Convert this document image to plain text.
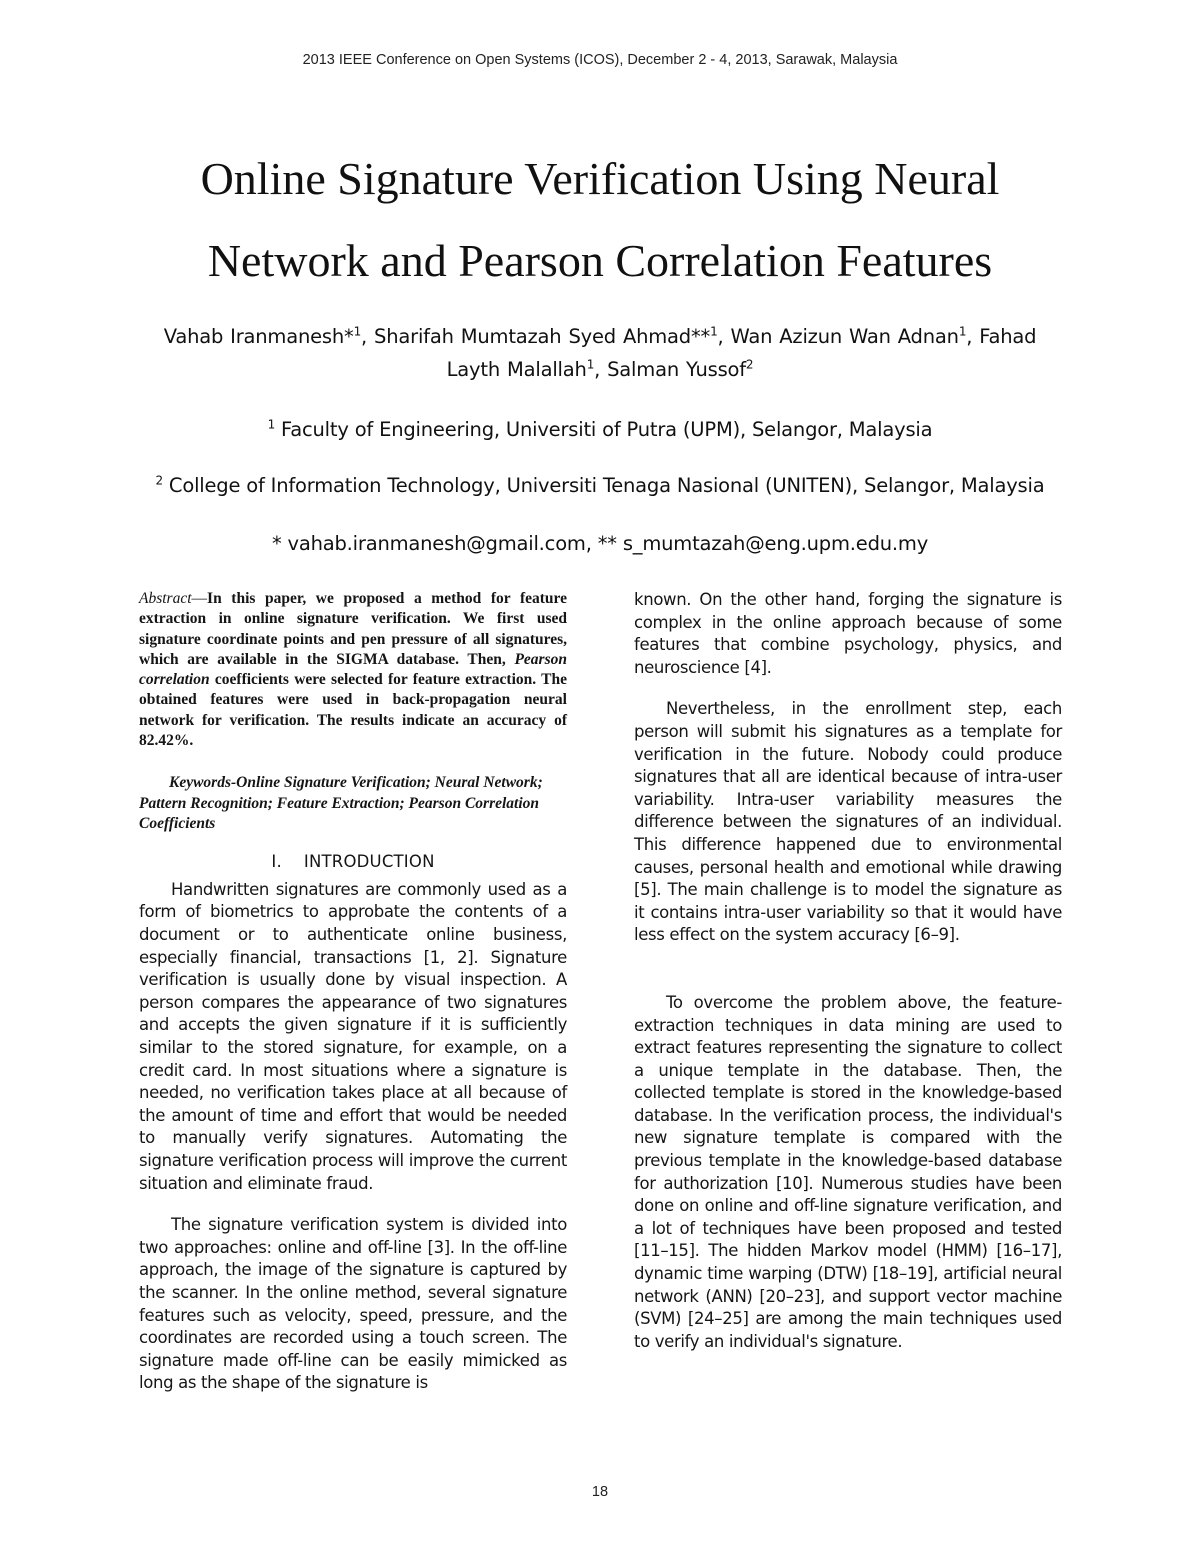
2013 IEEE Conference on Open Systems (ICOS), December 2 - 4, 2013, Sarawak, Malaysia
Online Signature Verification Using Neural
Network and Pearson Correlation Features
Vahab Iranmanesh*$^1$, Sharifah Mumtazah Syed Ahmad**$^1$, Wan Azizun Wan Adnan$^1$, Fahad Layth Malallah$^1$, Salman Yussof$^2$
$^1$ Faculty of Engineering, Universiti of Putra (UPM), Selangor, Malaysia
$^2$ College of Information Technology, Universiti Tenaga Nasional (UNITEN), Selangor, Malaysia
* vahab.iranmanesh@gmail.com, ** s_mumtazah@eng.upm.edu.my

Abstract—In this paper, we proposed a method for feature extraction in online signature verification. We first used signature coordinate points and pen pressure of all signatures, which are available in the SIGMA database. Then, Pearson correlation coefficients were selected for feature extraction. The obtained features were used in back-propagation neural network for verification. The results indicate an accuracy of 82.42%.

Keywords-Online Signature Verification; Neural Network; Pattern Recognition; Feature Extraction; Pearson Correlation Coefficients

I. INTRODUCTION

Handwritten signatures are commonly used as a form of biometrics to approbate the contents of a document or to authenticate online business, especially financial, transactions [1, 2]. Signature verification is usually done by visual inspection. A person compares the appearance of two signatures and accepts the given signature if it is sufficiently similar to the stored signature, for example, on a credit card. In most situations where a signature is needed, no verification takes place at all because of the amount of time and effort that would be needed to manually verify signatures. Automating the signature verification process will improve the current situation and eliminate fraud.

The signature verification system is divided into two approaches: online and off-line [3]. In the off-line approach, the image of the signature is captured by the scanner. In the online method, several signature features such as velocity, speed, pressure, and the coordinates are recorded using a touch screen. The signature made off-line can be easily mimicked as long as the shape of the signature is

known. On the other hand, forging the signature is complex in the online approach because of some features that combine psychology, physics, and neuroscience [4].

Nevertheless, in the enrollment step, each person will submit his signatures as a template for verification in the future. Nobody could produce signatures that all are identical because of intra-user variability. Intra-user variability measures the difference between the signatures of an individual. This difference happened due to environmental causes, personal health and emotional while drawing [5]. The main challenge is to model the signature as it contains intra-user variability so that it would have less effect on the system accuracy [6–9].

To overcome the problem above, the feature-extraction techniques in data mining are used to extract features representing the signature to collect a unique template in the database. Then, the collected template is stored in the knowledge-based database. In the verification process, the individual's new signature template is compared with the previous template in the knowledge-based database for authorization [10]. Numerous studies have been done on online and off-line signature verification, and a lot of techniques have been proposed and tested [11–15]. The hidden Markov model (HMM) [16–17], dynamic time warping (DTW) [18–19], artificial neural network (ANN) [20–23], and support vector machine (SVM) [24–25] are among the main techniques used to verify an individual's signature.

18
